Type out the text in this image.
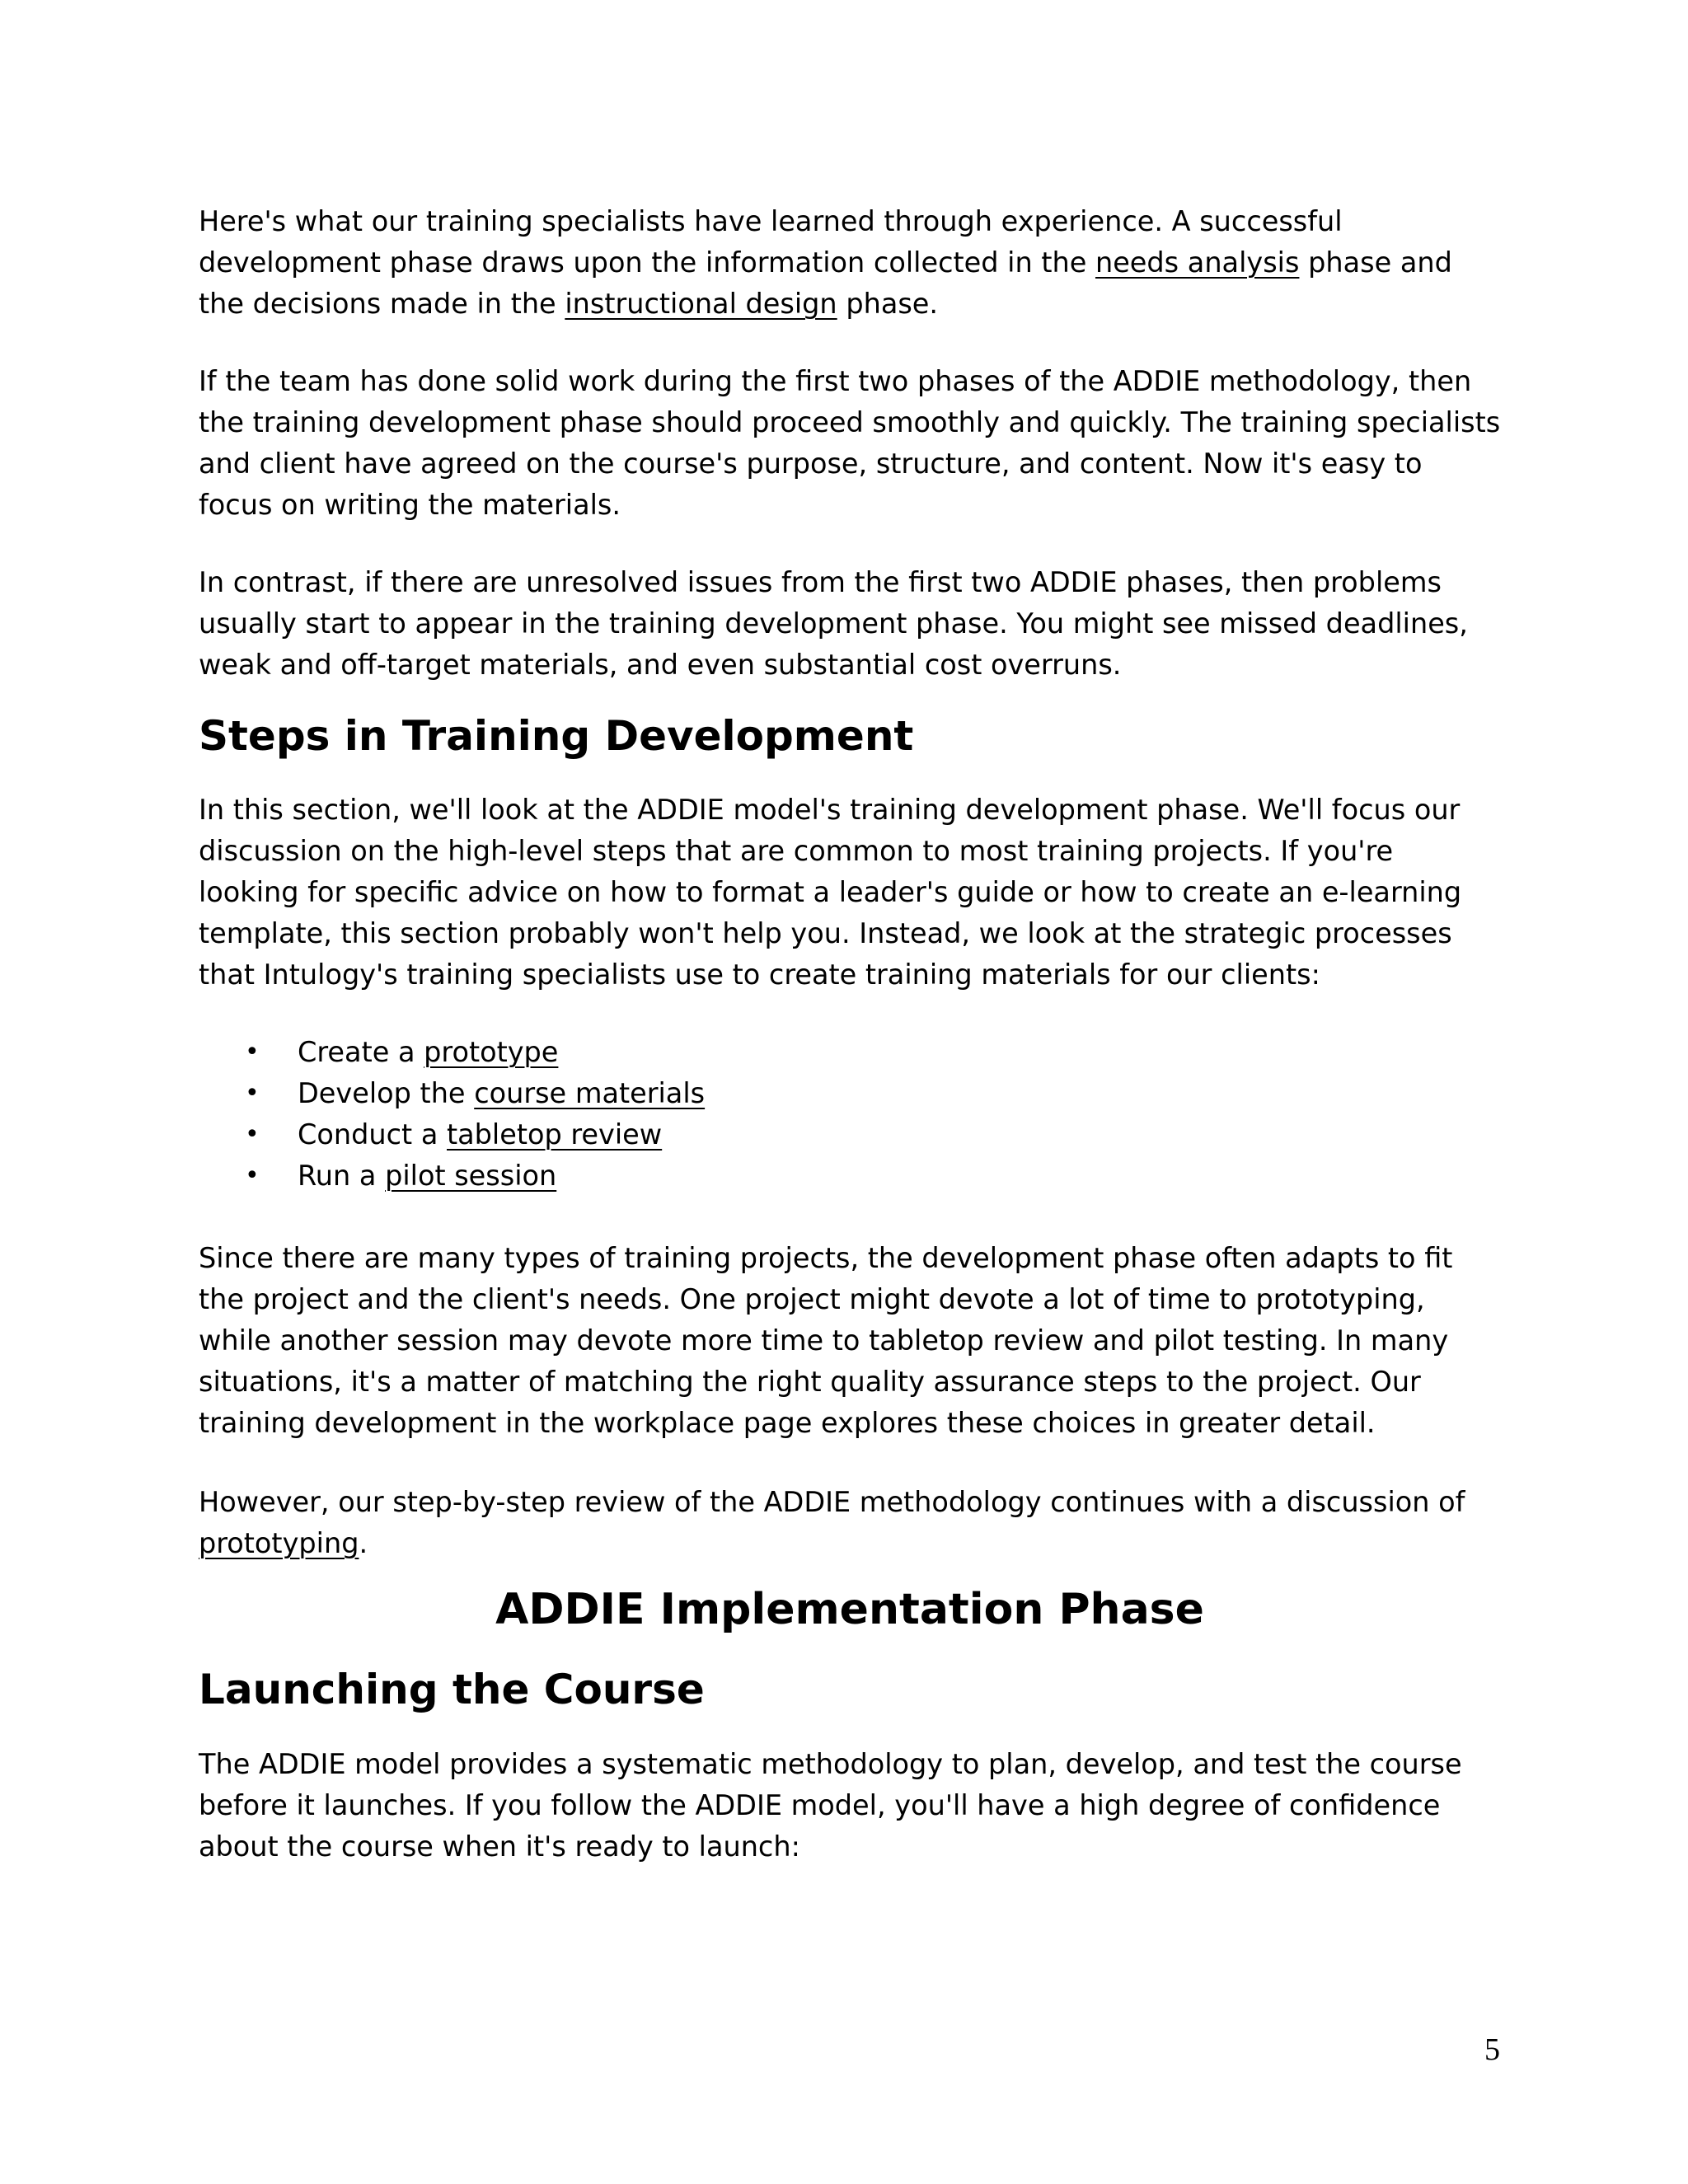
Here's what our training specialists have learned through experience. A successful development phase draws upon the information collected in the needs analysis phase and the decisions made in the instructional design phase.

If the team has done solid work during the first two phases of the ADDIE methodology, then the training development phase should proceed smoothly and quickly. The training specialists and client have agreed on the course's purpose, structure, and content. Now it's easy to focus on writing the materials.

In contrast, if there are unresolved issues from the first two ADDIE phases, then problems usually start to appear in the training development phase. You might see missed deadlines, weak and off-target materials, and even substantial cost overruns.

Steps in Training Development

In this section, we'll look at the ADDIE model's training development phase. We'll focus our discussion on the high-level steps that are common to most training projects. If you're looking for specific advice on how to format a leader's guide or how to create an e-learning template, this section probably won't help you. Instead, we look at the strategic processes that Intulogy's training specialists use to create training materials for our clients:

• Create a prototype
• Develop the course materials
• Conduct a tabletop review
• Run a pilot session

Since there are many types of training projects, the development phase often adapts to fit the project and the client's needs. One project might devote a lot of time to prototyping, while another session may devote more time to tabletop review and pilot testing. In many situations, it's a matter of matching the right quality assurance steps to the project. Our training development in the workplace page explores these choices in greater detail.

However, our step-by-step review of the ADDIE methodology continues with a discussion of prototyping.

ADDIE Implementation Phase
Launching the Course

The ADDIE model provides a systematic methodology to plan, develop, and test the course before it launches. If you follow the ADDIE model, you'll have a high degree of confidence about the course when it's ready to launch:

5
